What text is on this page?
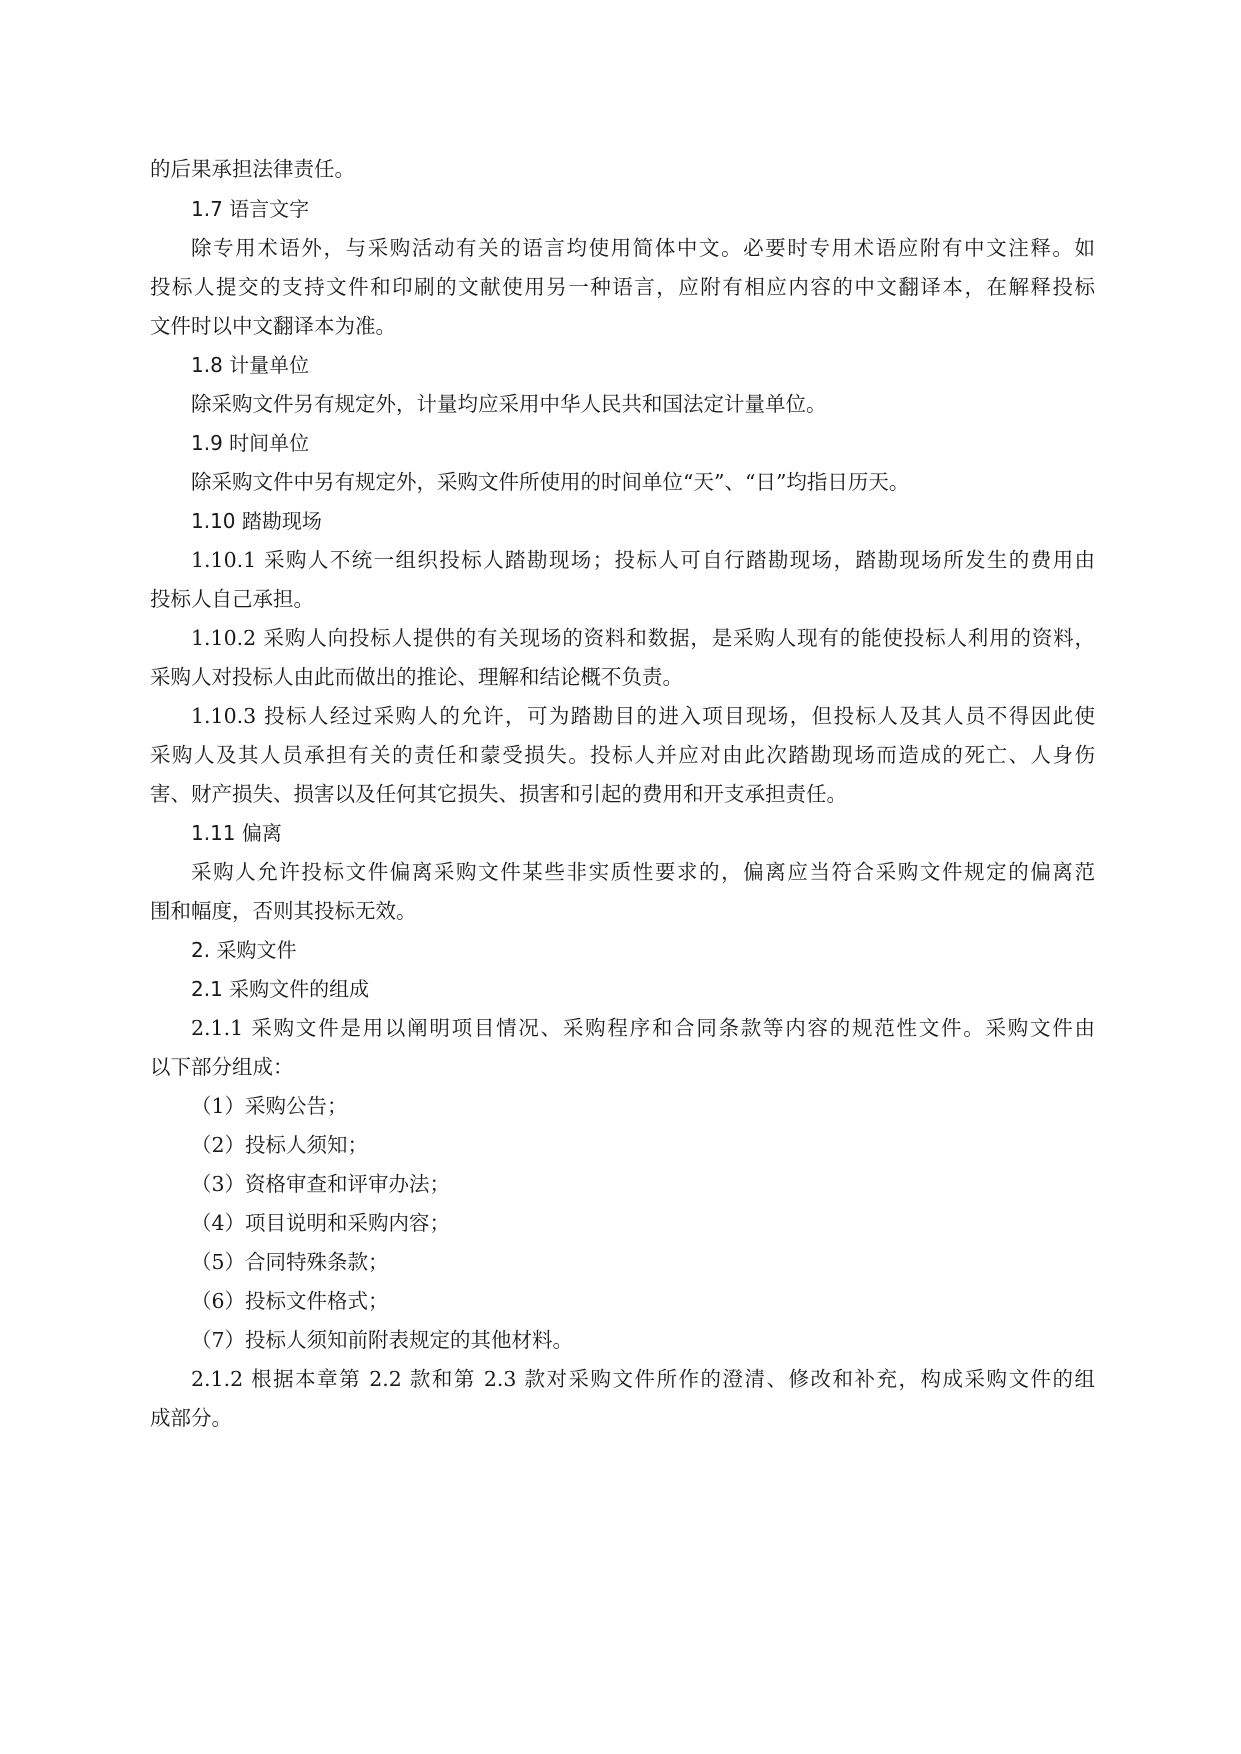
的后果承担法律责任。
1.7 语言文字
除专用术语外，与采购活动有关的语言均使用简体中文。必要时专用术语应附有中文注释。如
投标人提交的支持文件和印刷的文献使用另一种语言，应附有相应内容的中文翻译本，在解释投标
文件时以中文翻译本为准。
1.8 计量单位
除采购文件另有规定外，计量均应采用中华人民共和国法定计量单位。
1.9 时间单位
除采购文件中另有规定外，采购文件所使用的时间单位“天”、“日”均指日历天。
1.10 踏勘现场
1.10.1 采购人不统一组织投标人踏勘现场；投标人可自行踏勘现场，踏勘现场所发生的费用由
投标人自己承担。
1.10.2 采购人向投标人提供的有关现场的资料和数据，是采购人现有的能使投标人利用的资料，
采购人对投标人由此而做出的推论、理解和结论概不负责。
1.10.3 投标人经过采购人的允许，可为踏勘目的进入项目现场，但投标人及其人员不得因此使
采购人及其人员承担有关的责任和蒙受损失。投标人并应对由此次踏勘现场而造成的死亡、人身伤
害、财产损失、损害以及任何其它损失、损害和引起的费用和开支承担责任。
1.11 偏离
采购人允许投标文件偏离采购文件某些非实质性要求的，偏离应当符合采购文件规定的偏离范
围和幅度，否则其投标无效。
2. 采购文件
2.1 采购文件的组成
2.1.1 采购文件是用以阐明项目情况、采购程序和合同条款等内容的规范性文件。采购文件由
以下部分组成：
（1）采购公告；
（2）投标人须知；
（3）资格审查和评审办法；
（4）项目说明和采购内容；
（5）合同特殊条款；
（6）投标文件格式；
（7）投标人须知前附表规定的其他材料。
2.1.2 根据本章第 2.2 款和第 2.3 款对采购文件所作的澄清、修改和补充，构成采购文件的组
成部分。
